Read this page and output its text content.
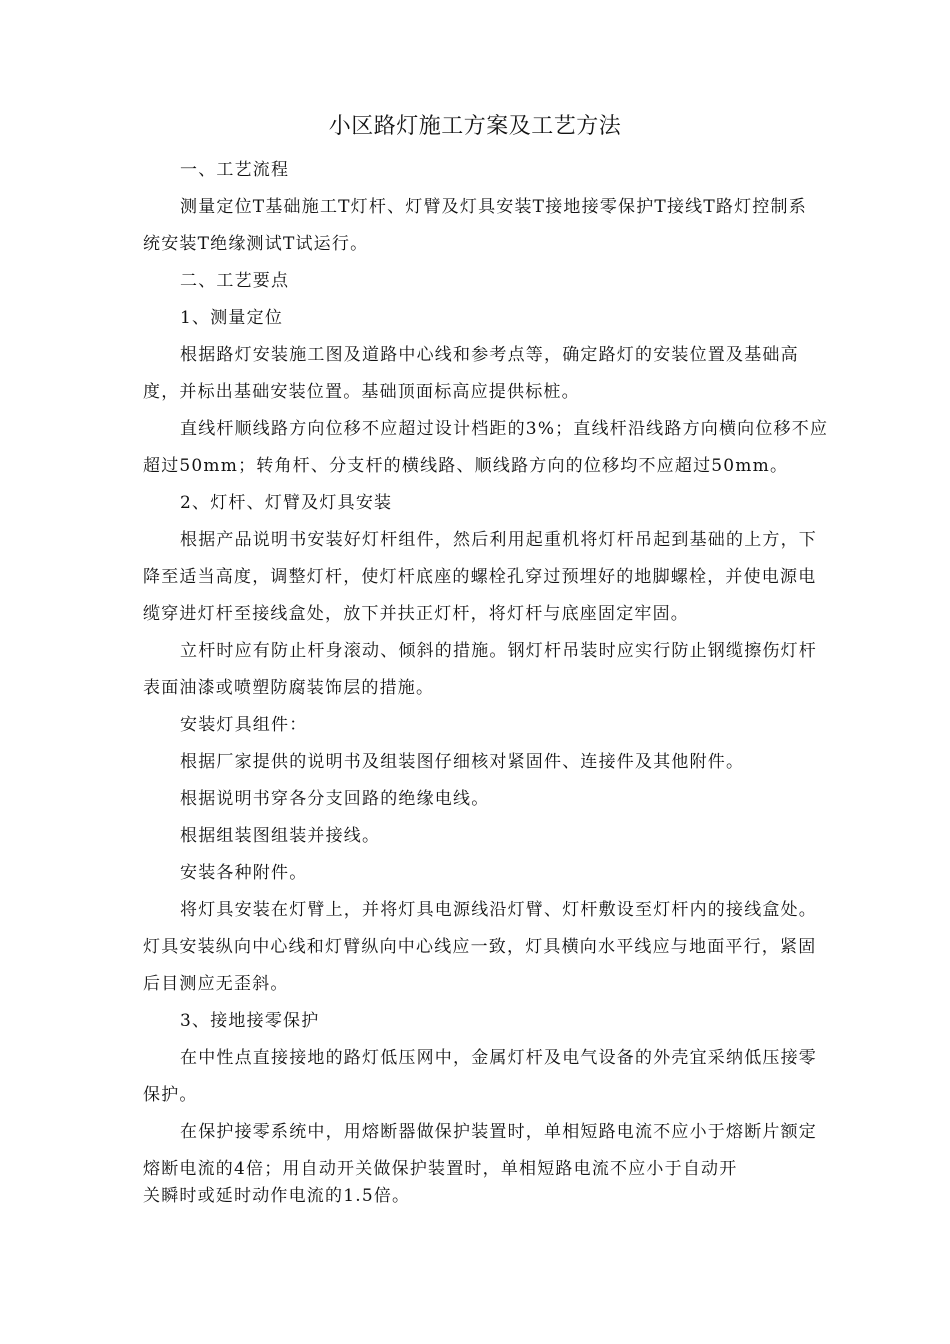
小区路灯施工方案及工艺方法
一、工艺流程
测量定位T基础施工T灯杆、灯臂及灯具安装T接地接零保护T接线T路灯控制系
统安装T绝缘测试T试运行。
二、工艺要点
1、测量定位
根据路灯安装施工图及道路中心线和参考点等，确定路灯的安装位置及基础高
度，并标出基础安装位置。基础顶面标高应提供标桩。
直线杆顺线路方向位移不应超过设计档距的3%；直线杆沿线路方向横向位移不应
超过50mm；转角杆、分支杆的横线路、顺线路方向的位移均不应超过50mm。
2、灯杆、灯臂及灯具安装
根据产品说明书安装好灯杆组件，然后利用起重机将灯杆吊起到基础的上方，下
降至适当高度，调整灯杆，使灯杆底座的螺栓孔穿过预埋好的地脚螺栓，并使电源电
缆穿进灯杆至接线盒处，放下并扶正灯杆，将灯杆与底座固定牢固。
立杆时应有防止杆身滚动、倾斜的措施。钢灯杆吊装时应实行防止钢缆擦伤灯杆
表面油漆或喷塑防腐装饰层的措施。
安装灯具组件：
根据厂家提供的说明书及组装图仔细核对紧固件、连接件及其他附件。
根据说明书穿各分支回路的绝缘电线。
根据组装图组装并接线。
安装各种附件。
将灯具安装在灯臂上，并将灯具电源线沿灯臂、灯杆敷设至灯杆内的接线盒处。
灯具安装纵向中心线和灯臂纵向中心线应一致，灯具横向水平线应与地面平行，紧固
后目测应无歪斜。
3、接地接零保护
在中性点直接接地的路灯低压网中，金属灯杆及电气设备的外壳宜采纳低压接零
保护。
在保护接零系统中，用熔断器做保护装置时，单相短路电流不应小于熔断片额定
熔断电流的4倍；用自动开关做保护装置时，单相短路电流不应小于自动开
关瞬时或延时动作电流的1.5倍。
